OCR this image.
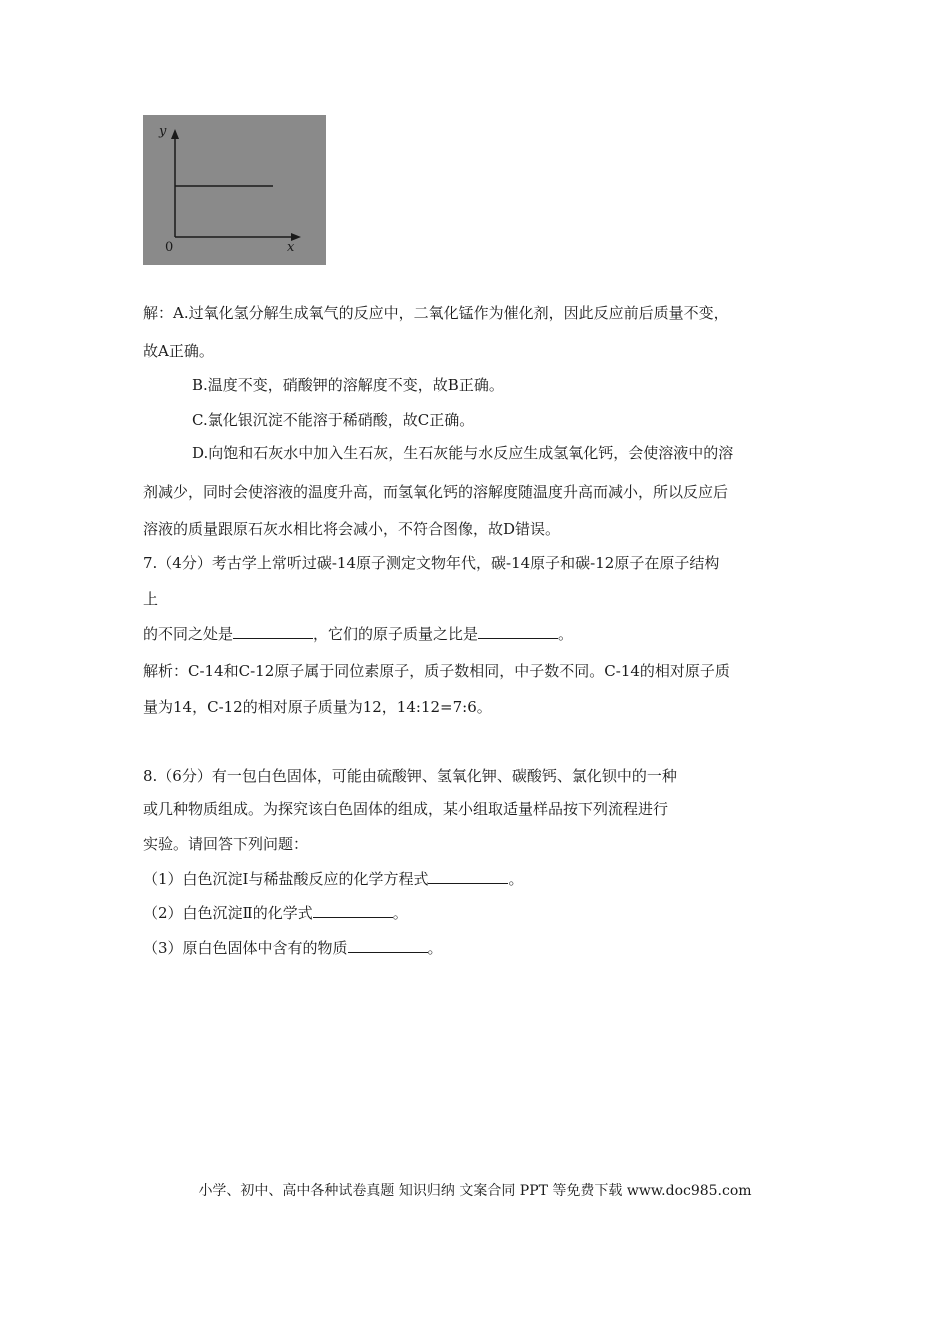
y
x
0
解：A.过氧化氢分解生成氧气的反应中，二氧化锰作为催化剂，因此反应前后质量不变，
故A正确。
B.温度不变，硝酸钾的溶解度不变，故B正确。
C.氯化银沉淀不能溶于稀硝酸，故C正确。
D.向饱和石灰水中加入生石灰，生石灰能与水反应生成氢氧化钙，会使溶液中的溶
剂减少，同时会使溶液的温度升高，而氢氧化钙的溶解度随温度升高而减小，所以反应后
溶液的质量跟原石灰水相比将会减小，不符合图像，故D错误。
7.（4分）考古学上常听过碳-14原子测定文物年代，碳-14原子和碳-12原子在原子结构
上
的不同之处是	，它们的原子质量之比是	。
解析：C-14和C-12原子属于同位素原子，质子数相同，中子数不同。C-14的相对原子质
量为14，C-12的相对原子质量为12，14:12=7:6。
8.（6分）有一包白色固体，可能由硫酸钾、氢氧化钾、碳酸钙、氯化钡中的一种
或几种物质组成。为探究该白色固体的组成，某小组取适量样品按下列流程进行
实验。请回答下列问题：
（1）白色沉淀Ⅰ与稀盐酸反应的化学方程式	。
（2）白色沉淀Ⅱ的化学式	。
（3）原白色固体中含有的物质	。
小学、初中、高中各种试卷真题 知识归纳 文案合同 PPT 等免费下载 www.doc985.com
